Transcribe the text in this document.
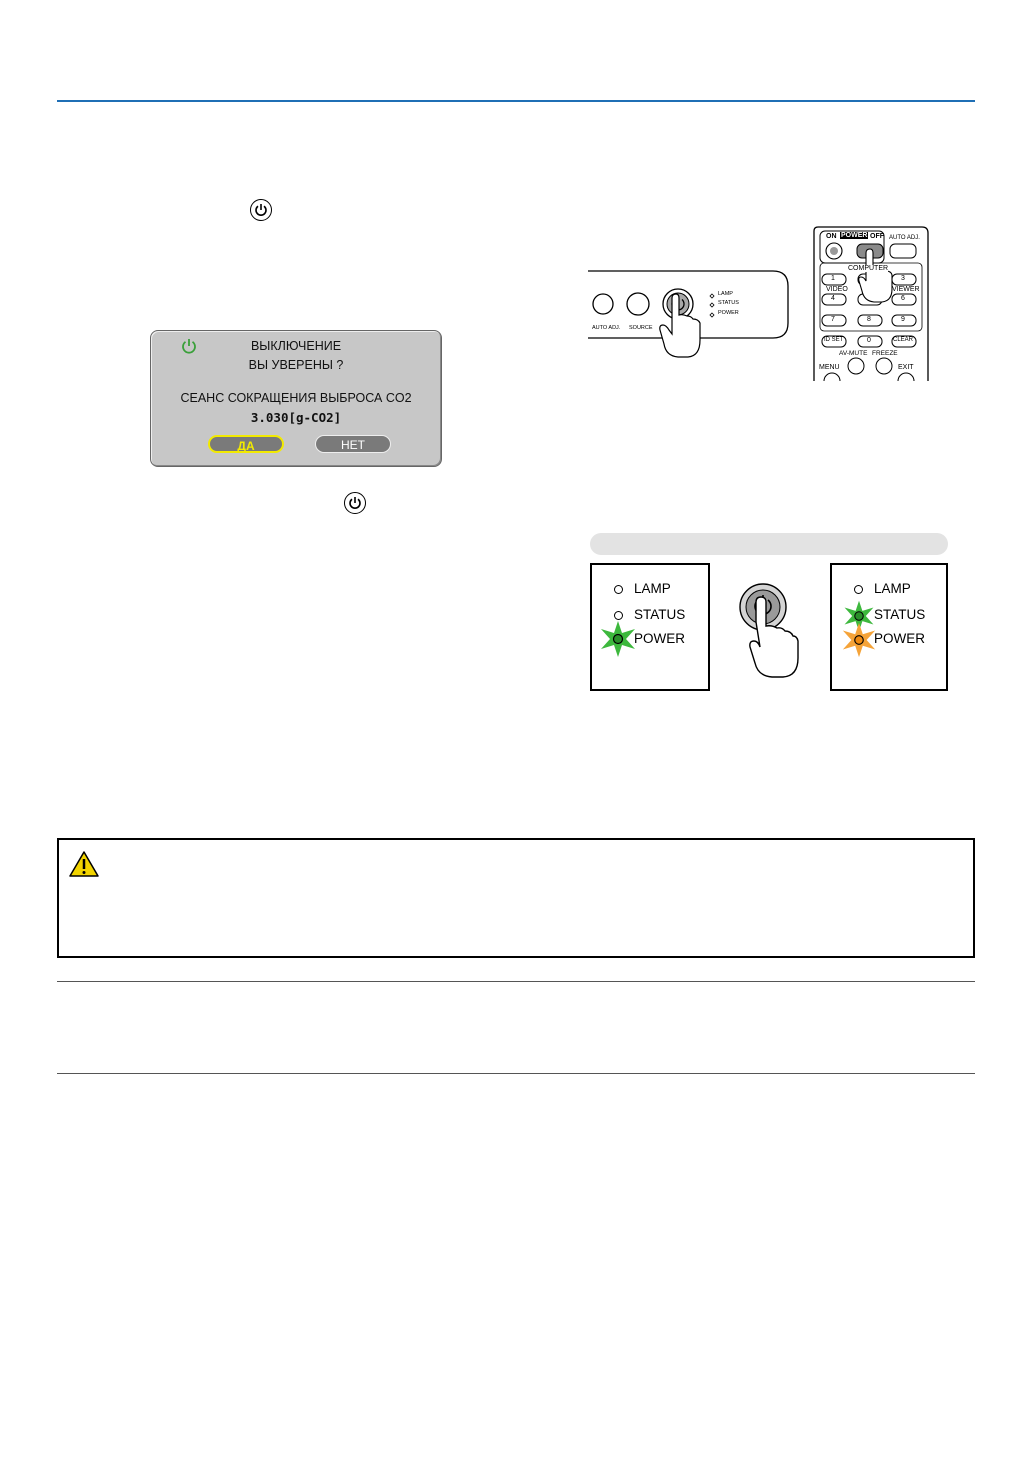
ВЫКЛЮЧЕНИЕ
ВЫ УВЕРЕНЫ ?
СЕАНС СОКРАЩЕНИЯ ВЫБРОСА CO2
3.030[g-CO2]
ДА	НЕТ
AUTO ADJ. SOURCE
LAMP
STATUS
POWER
ON POWER OFF AUTO ADJ.
COMPUTER
VIDEO	VIEWER
1	3
4	6
7	8	9
ID SET	0	CLEAR
AV-MUTE FREEZE
MENU	EXIT
LAMP
STATUS
POWER
LAMP
STATUS
POWER
